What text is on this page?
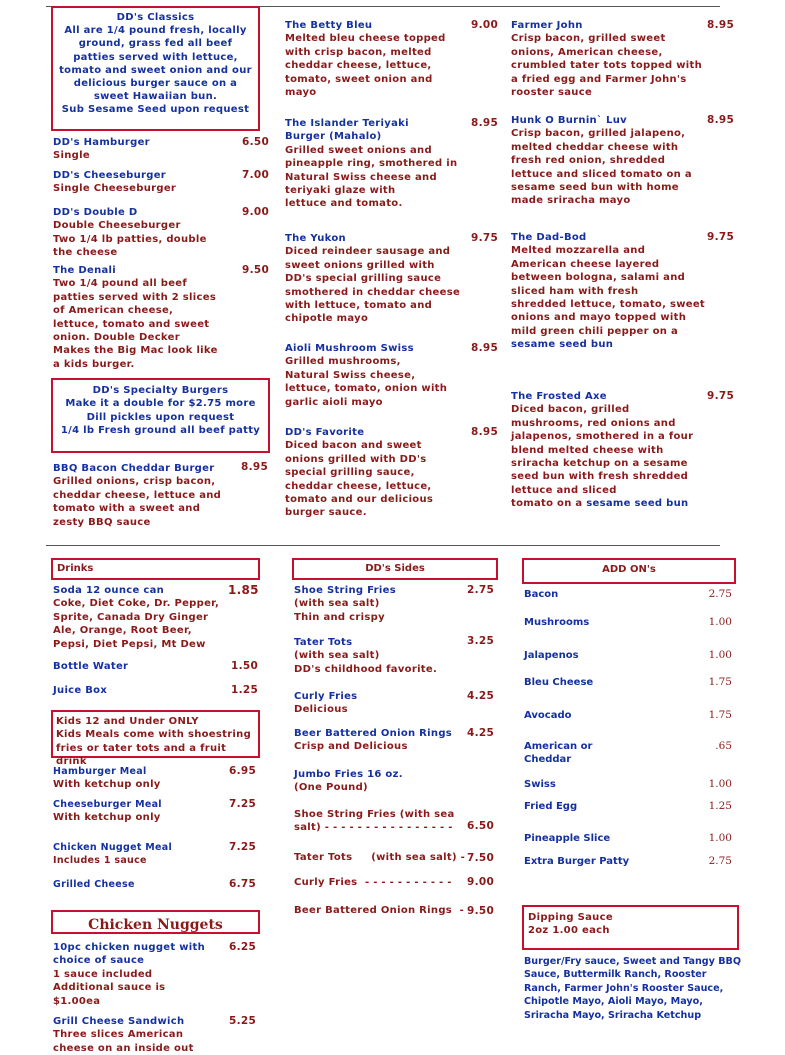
DD's Classics
All are 1/4 pound fresh, locally ground, grass fed all beef patties served with lettuce, tomato and sweet onion and our delicious burger sauce on a sweet Hawaiian bun.
Sub Sesame Seed upon request
DD's Hamburger
Single
6.50
DD's Cheeseburger
Single Cheeseburger
7.00
DD's Double D
Double Cheeseburger
Two 1/4 lb patties, double
the cheese
9.00
The Denali
Two 1/4 pound all beef
patties served with 2 slices
of American cheese,
lettuce, tomato and sweet
onion. Double Decker
Makes the Big Mac look like
a kids burger.
9.50
DD's Specialty Burgers
Make it a double for $2.75 more
Dill pickles upon request
1/4 lb Fresh ground all beef patty
BBQ Bacon Cheddar Burger
Grilled onions, crisp bacon,
cheddar cheese, lettuce and
tomato with a sweet and
zesty BBQ sauce
8.95
The Betty Bleu
Melted bleu cheese topped
with crisp bacon, melted
cheddar cheese, lettuce,
tomato, sweet onion and
mayo
9.00
The Islander Teriyaki
Burger (Mahalo)
Grilled sweet onions and
pineapple ring, smothered in
Natural Swiss cheese and
teriyaki glaze with
lettuce and tomato.
8.95
The Yukon
Diced reindeer sausage and
sweet onions grilled with
DD's special grilling sauce
smothered in cheddar cheese
with lettuce, tomato and
chipotle mayo
9.75
Aioli Mushroom Swiss
Grilled mushrooms,
Natural Swiss cheese,
lettuce, tomato, onion with
garlic aioli mayo
8.95
DD's Favorite
Diced bacon and sweet
onions grilled with DD's
special grilling sauce,
cheddar cheese, lettuce,
tomato and our delicious
burger sauce.
8.95
Farmer John
Crisp bacon, grilled sweet
onions, American cheese,
crumbled tater tots topped with
a fried egg and Farmer John's
rooster sauce
8.95
Hunk O Burnin` Luv
Crisp bacon, grilled jalapeno,
melted cheddar cheese with
fresh red onion, shredded
lettuce and sliced tomato on a
sesame seed bun with home
made sriracha mayo
8.95
The Dad-Bod
Melted mozzarella and
American cheese layered
between bologna, salami and
sliced ham with fresh
shredded lettuce, tomato, sweet
onions and mayo topped with
mild green chili pepper on a
sesame seed bun
9.75
The Frosted Axe
Diced bacon, grilled
mushrooms, red onions and
jalapenos, smothered in a four
blend melted cheese with
sriracha ketchup on a sesame
seed bun with fresh shredded
lettuce and sliced
tomato on a sesame seed bun
9.75
Drinks
Soda 12 ounce can
Coke, Diet Coke, Dr. Pepper,
Sprite, Canada Dry Ginger
Ale, Orange, Root Beer,
Pepsi, Diet Pepsi, Mt Dew
1.85
Bottle Water	1.50
Juice Box	1.25
Kids 12 and Under ONLY
Kids Meals come with shoestring
fries or tater tots and a fruit drink
Hamburger Meal
With ketchup only
6.95
Cheeseburger Meal
With ketchup only
7.25
Chicken Nugget Meal
Includes 1 sauce
7.25
Grilled Cheese	6.75
Chicken Nuggets
10pc chicken nugget with
choice of sauce
1 sauce included
Additional sauce is
$1.00ea
6.25
Grill Cheese Sandwich
Three slices American
cheese on an inside out
5.25
DD's Sides
Shoe String Fries
(with sea salt)
Thin and crispy
2.75
Tater Tots
(with sea salt)
DD's childhood favorite.
3.25
Curly Fries
Delicious
4.25
Beer Battered Onion Rings
Crisp and Delicious
4.25
Jumbo Fries 16 oz.
(One Pound)
Shoe String Fries (with sea
salt) - - - - - - - - - - - - - - - -	6.50
Tater Tots     (with sea salt) - 7.50
Curly Fries  - - - - - - - - - - -	9.00
Beer Battered Onion Rings  - 9.50
ADD ON's
Bacon	2.75
Mushrooms	1.00
Jalapenos	1.00
Bleu Cheese	1.75
Avocado	1.75
American or
Cheddar
.65
Swiss	1.00
Fried Egg	1.25
Pineapple Slice	1.00
Extra Burger Patty	2.75
Dipping Sauce
2oz 1.00 each
Burger/Fry sauce, Sweet and Tangy BBQ Sauce, Buttermilk Ranch, Rooster Ranch, Farmer John's Rooster Sauce, Chipotle Mayo, Aioli Mayo, Mayo, Sriracha Mayo, Sriracha Ketchup
